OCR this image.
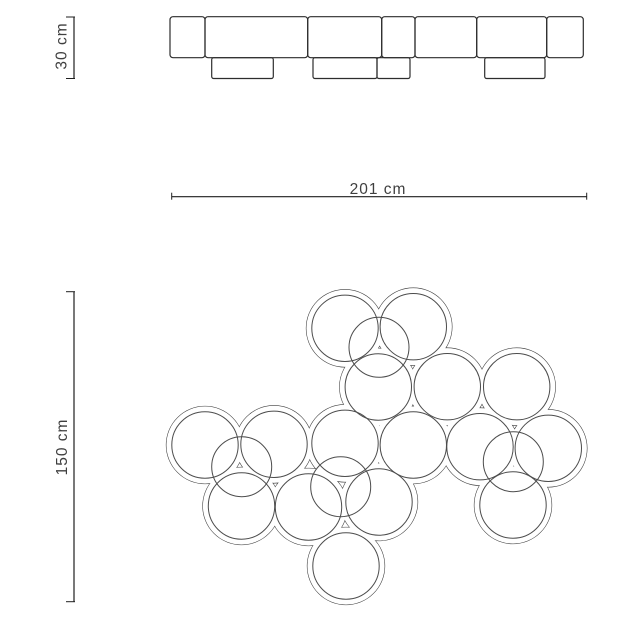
30 cm
201 cm
150 cm
